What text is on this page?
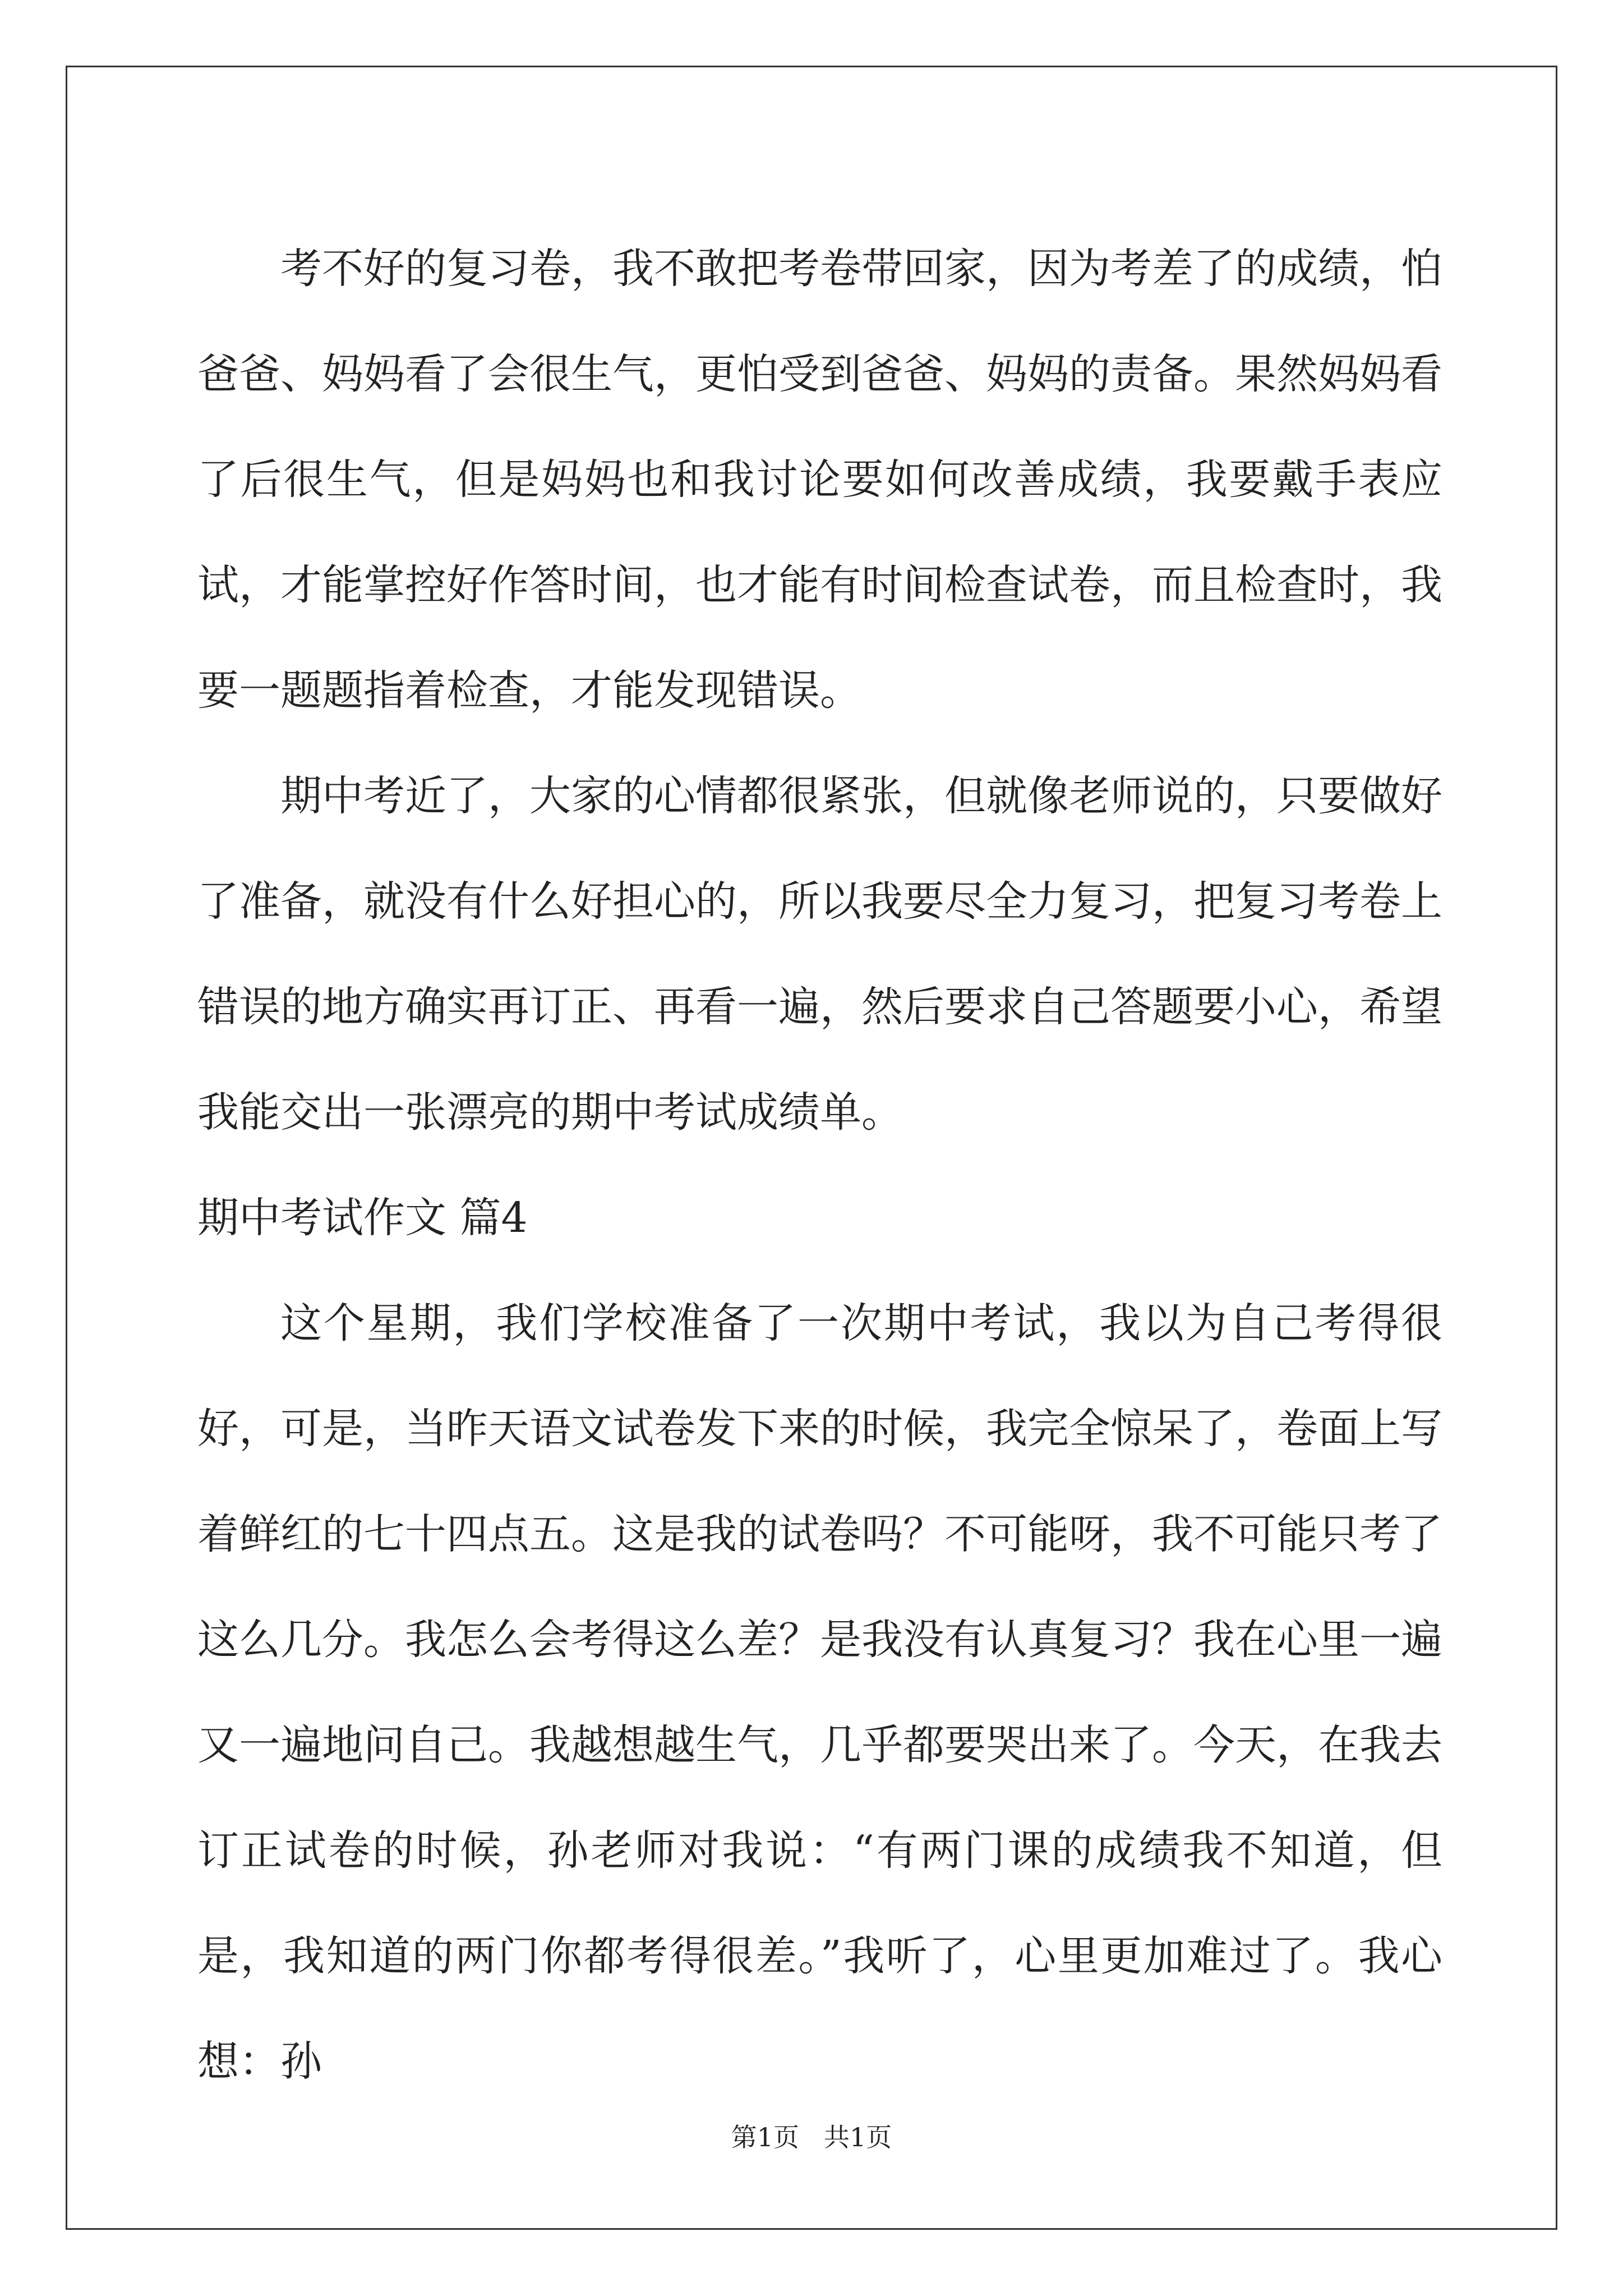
考不好的复习卷，我不敢把考卷带回家，因为考差了的成绩，怕爸爸、妈妈看了会很生气，更怕受到爸爸、妈妈的责备。果然妈妈看了后很生气，但是妈妈也和我讨论要如何改善成绩，我要戴手表应试，才能掌控好作答时间，也才能有时间检查试卷，而且检查时，我要一题题指着检查，才能发现错误。

期中考近了，大家的心情都很紧张，但就像老师说的，只要做好了准备，就没有什么好担心的，所以我要尽全力复习，把复习考卷上错误的地方确实再订正、再看一遍，然后要求自己答题要小心，希望我能交出一张漂亮的期中考试成绩单。

期中考试作文 篇4

这个星期，我们学校准备了一次期中考试，我以为自己考得很好，可是，当昨天语文试卷发下来的时候，我完全惊呆了，卷面上写着鲜红的七十四点五。这是我的试卷吗？不可能呀，我不可能只考了这么几分。我怎么会考得这么差？是我没有认真复习？我在心里一遍又一遍地问自己。我越想越生气，几乎都要哭出来了。今天，在我去订正试卷的时候，孙老师对我说：“有两门课的成绩我不知道，但是，我知道的两门你都考得很差。”我听了，心里更加难过了。我心想：孙

第1页 共1页
